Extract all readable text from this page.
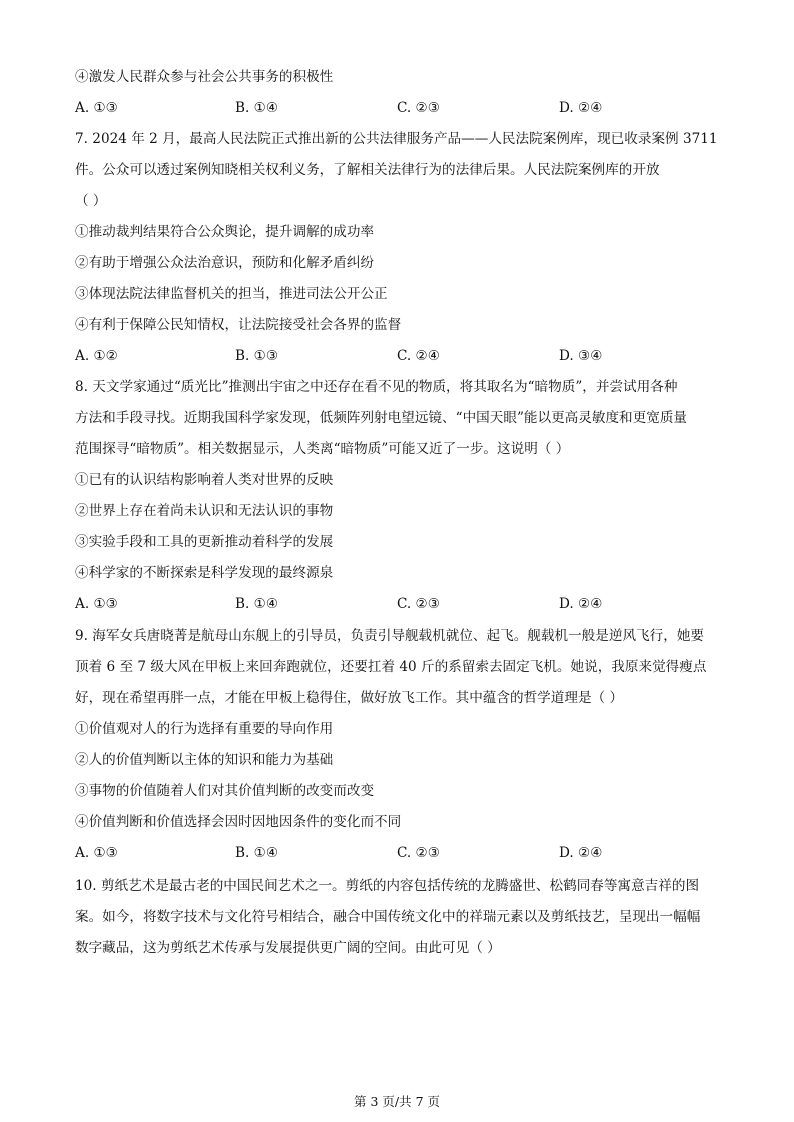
④激发人民群众参与社会公共事务的积极性
A. ①③	B. ①④	C. ②③	D. ②④
7. 2024 年 2 月，最高人民法院正式推出新的公共法律服务产品——人民法院案例库，现已收录案例 3711
件。公众可以透过案例知晓相关权利义务，了解相关法律行为的法律后果。人民法院案例库的开放
（ ）
①推动裁判结果符合公众舆论，提升调解的成功率
②有助于增强公众法治意识，预防和化解矛盾纠纷
③体现法院法律监督机关的担当，推进司法公开公正
④有利于保障公民知情权，让法院接受社会各界的监督
A. ①②	B. ①③	C. ②④	D. ③④
8. 天文学家通过“质光比”推测出宇宙之中还存在看不见的物质，将其取名为“暗物质”，并尝试用各种
方法和手段寻找。近期我国科学家发现，低频阵列射电望远镜、“中国天眼”能以更高灵敏度和更宽质量
范围探寻“暗物质”。相关数据显示，人类离“暗物质”可能又近了一步。这说明（ ）
①已有的认识结构影响着人类对世界的反映
②世界上存在着尚未认识和无法认识的事物
③实验手段和工具的更新推动着科学的发展
④科学家的不断探索是科学发现的最终源泉
A. ①③	B. ①④	C. ②③	D. ②④
9. 海军女兵唐晓菁是航母山东舰上的引导员，负责引导舰载机就位、起飞。舰载机一般是逆风飞行，她要
顶着 6 至 7 级大风在甲板上来回奔跑就位，还要扛着 40 斤的系留索去固定飞机。她说，我原来觉得瘦点
好，现在希望再胖一点，才能在甲板上稳得住，做好放飞工作。其中蕴含的哲学道理是（ ）
①价值观对人的行为选择有重要的导向作用
②人的价值判断以主体的知识和能力为基础
③事物的价值随着人们对其价值判断的改变而改变
④价值判断和价值选择会因时因地因条件的变化而不同
A. ①③	B. ①④	C. ②③	D. ②④
10. 剪纸艺术是最古老的中国民间艺术之一。剪纸的内容包括传统的龙腾盛世、松鹤同春等寓意吉祥的图
案。如今，将数字技术与文化符号相结合，融合中国传统文化中的祥瑞元素以及剪纸技艺，呈现出一幅幅
数字藏品，这为剪纸艺术传承与发展提供更广阔的空间。由此可见（ ）
第 3 页/共 7 页
